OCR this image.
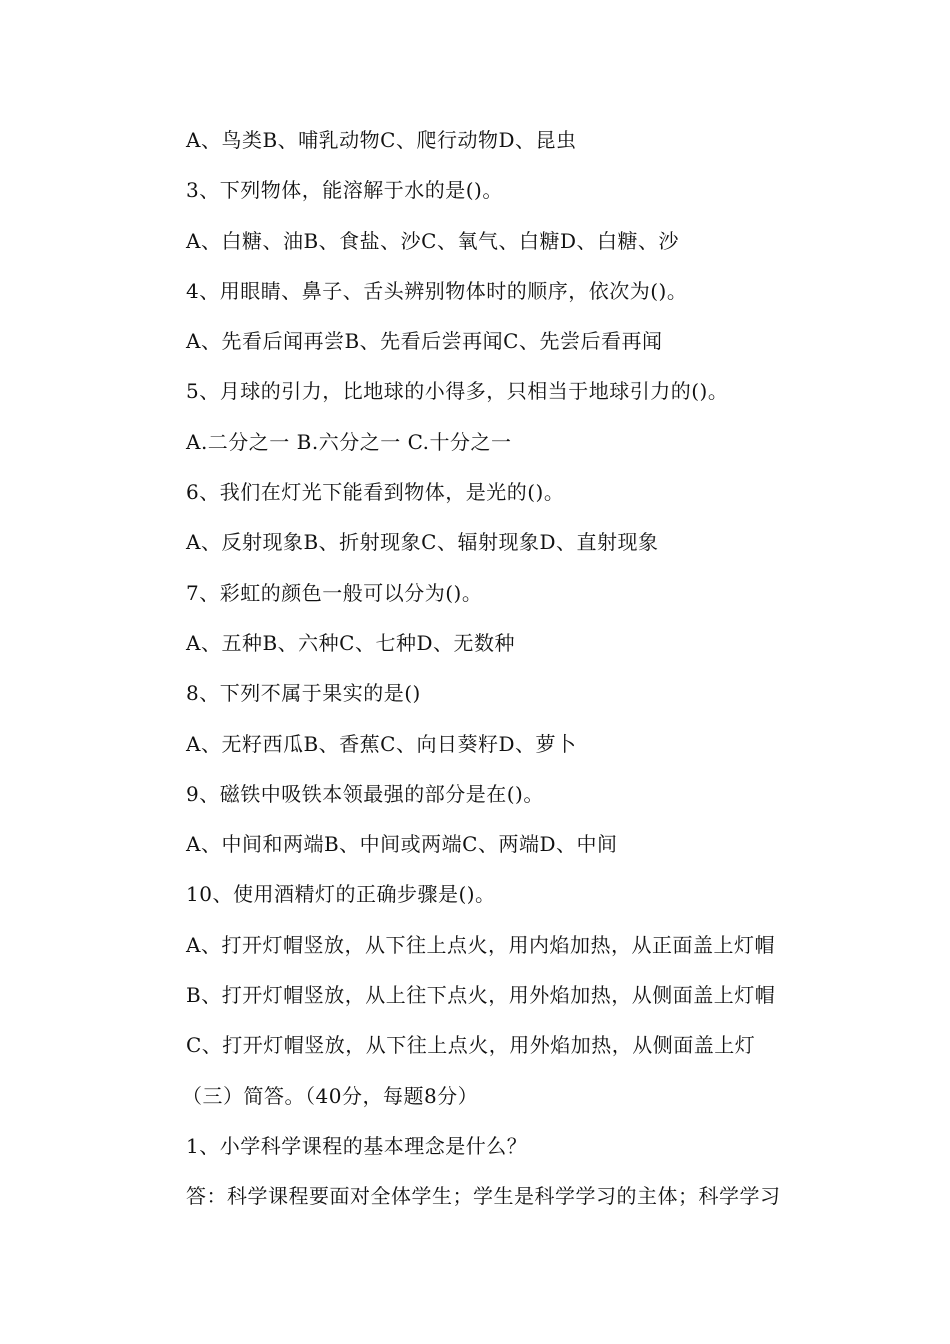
A、鸟类B、哺乳动物C、爬行动物D、昆虫
3、下列物体，能溶解于水的是()。
A、白糖、油B、食盐、沙C、氧气、白糖D、白糖、沙
4、用眼睛、鼻子、舌头辨别物体时的顺序，依次为()。
A、先看后闻再尝B、先看后尝再闻C、先尝后看再闻
5、月球的引力，比地球的小得多，只相当于地球引力的()。
A.二分之一 B.六分之一 C.十分之一
6、我们在灯光下能看到物体，是光的()。
A、反射现象B、折射现象C、辐射现象D、直射现象
7、彩虹的颜色一般可以分为()。
A、五种B、六种C、七种D、无数种
8、下列不属于果实的是()
A、无籽西瓜B、香蕉C、向日葵籽D、萝卜
9、磁铁中吸铁本领最强的部分是在()。
A、中间和两端B、中间或两端C、两端D、中间
10、使用酒精灯的正确步骤是()。
A、打开灯帽竖放，从下往上点火，用内焰加热，从正面盖上灯帽
B、打开灯帽竖放，从上往下点火，用外焰加热，从侧面盖上灯帽
C、打开灯帽竖放，从下往上点火，用外焰加热，从侧面盖上灯
（三）简答。（40分，每题8分）
1、小学科学课程的基本理念是什么？
答：科学课程要面对全体学生；学生是科学学习的主体；科学学习
